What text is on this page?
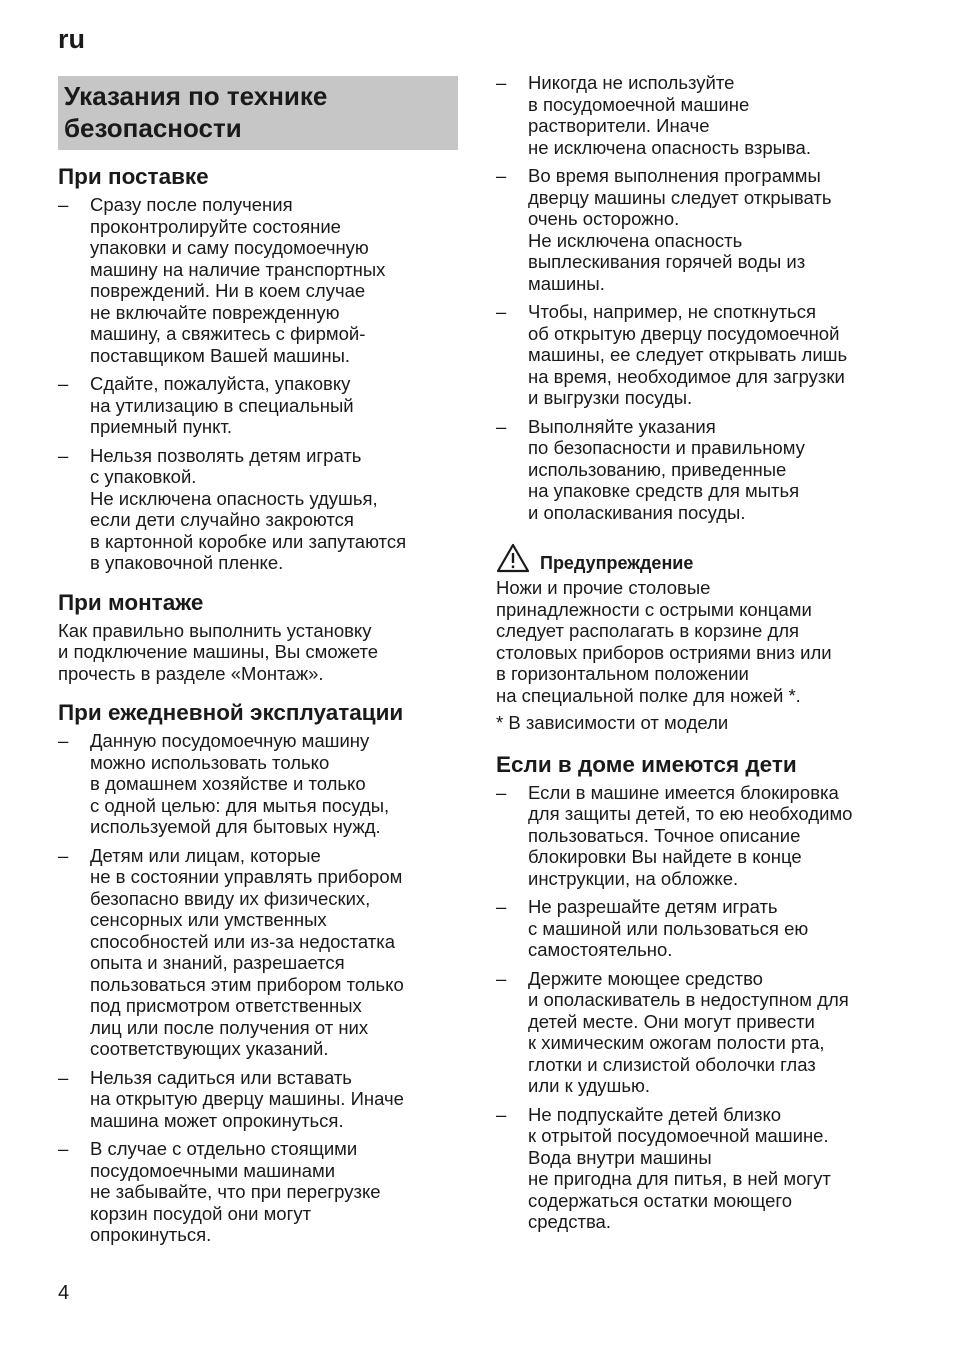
ru
Указания по технике
безопасности
При поставке
– Сразу после получения
проконтролируйте состояние
упаковки и саму посудомоечную
машину на наличие транспортных
повреждений. Ни в коем случае
не включайте поврежденную
машину, а свяжитесь с фирмой-
поставщиком Вашей машины.
– Сдайте, пожалуйста, упаковку
на утилизацию в специальный
приемный пункт.
– Нельзя позволять детям играть
с упаковкой.
Не исключена опасность удушья,
если дети случайно закроются
в картонной коробке или запутаются
в упаковочной пленке.
При монтаже

Как правильно выполнить установку
и подключение машины, Вы сможете
прочесть в разделе «Монтаж».

При ежедневной эксплуатации
– Данную посудомоечную машину
можно использовать только
в домашнем хозяйстве и только
с одной целью: для мытья посуды,
используемой для бытовых нужд.
– Детям или лицам, которые
не в состоянии управлять прибором
безопасно ввиду их физических,
сенсорных или умственных
способностей или из-за недостатка
опыта и знаний, разрешается
пользоваться этим прибором только
под присмотром ответственных
лиц или после получения от них
соответствующих указаний.
– Нельзя садиться или вставать
на открытую дверцу машины. Иначе
машина может опрокинуться.
– В случае с отдельно стоящими
посудомоечными машинами
не забывайте, что при перегрузке
корзин посудой они могут
опрокинуться.
– Никогда не используйте
в посудомоечной машине
растворители. Иначе
не исключена опасность взрыва.
– Во время выполнения программы
дверцу машины следует открывать
очень осторожно.
Не исключена опасность
выплескивания горячей воды из
машины.
– Чтобы, например, не споткнуться
об открытую дверцу посудомоечной
машины, ее следует открывать лишь
на время, необходимое для загрузки
и выгрузки посуды.
– Выполняйте указания
по безопасности и правильному
использованию, приведенные
на упаковке средств для мытья
и ополаскивания посуды.
Предупреждение

Ножи и прочие столовые
принадлежности с острыми концами
следует располагать в корзине для
столовых приборов остриями вниз или
в горизонтальном положении
на специальной полке для ножей *.

* В зависимости от модели

Если в доме имеются дети
– Если в машине имеется блокировка
для защиты детей, то ею необходимо
пользоваться. Точное описание
блокировки Вы найдете в конце
инструкции, на обложке.
– Не разрешайте детям играть
с машиной или пользоваться ею
самостоятельно.
– Держите моющее средство
и ополаскиватель в недоступном для
детей месте. Они могут привести
к химическим ожогам полости рта,
глотки и слизистой оболочки глаз
или к удушью.
– Не подпускайте детей близко
к отрытой посудомоечной машине.
Вода внутри машины
не пригодна для питья, в ней могут
содержаться остатки моющего
средства.
4
